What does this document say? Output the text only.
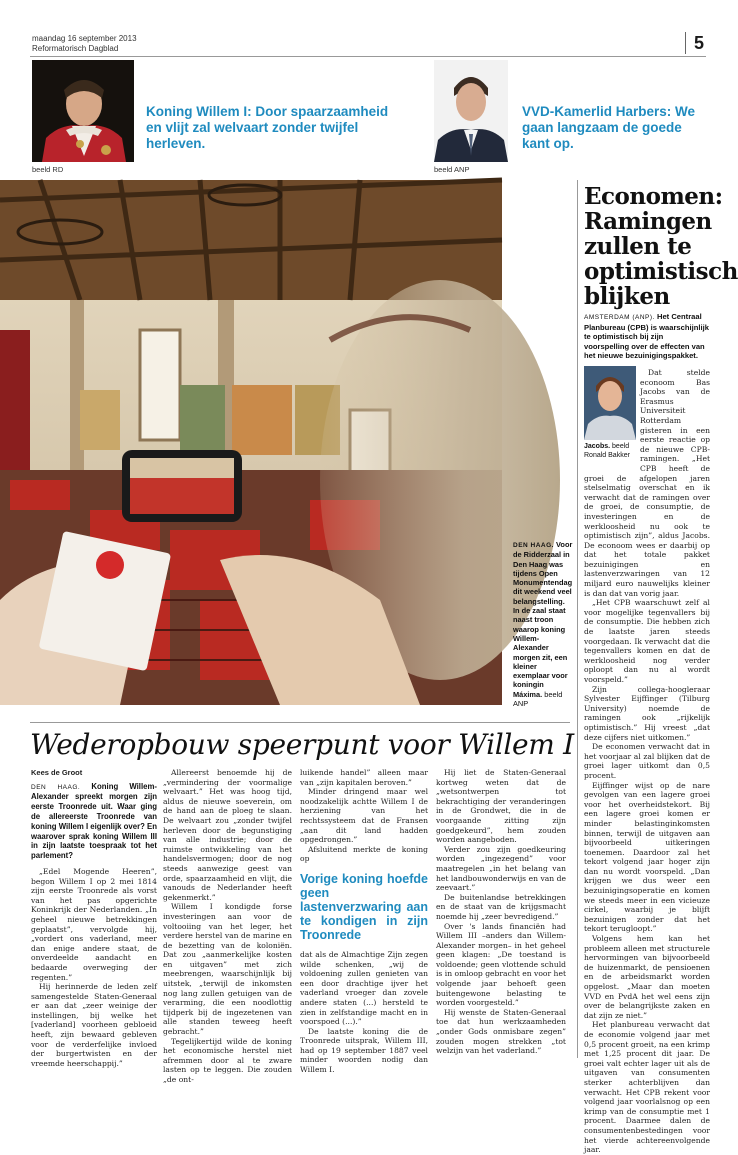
maandag 16 september 2013
Reformatorisch Dagblad	5
beeld RD
Koning Willem I: Door spaarzaamheid en vlijt zal welvaart zonder twijfel herleven.
beeld ANP
VVD-Kamerlid Harbers: We gaan langzaam de goede kant op.
DEN HAAG. Voor de Ridderzaal in Den Haag was tijdens Open Monumentendag dit weekend veel belangstelling. In de zaal staat naast troon waarop koning Willem-Alexander morgen zit, een kleiner exemplaar voor koningin Máxima. beeld ANP
Economen: Ramingen zullen te optimistisch blijken
AMSTERDAM (ANP). Het Centraal Planbureau (CPB) is waarschijnlijk te optimistisch bij zijn voorspelling over de effecten van het nieuwe bezuinigingspakket.
Jacobs. beeld Ronald Bakker

Dat stelde econoom Bas Jacobs van de Erasmus Universiteit Rotterdam gisteren in een eerste reactie op de nieuwe CPB-ramingen. „Het CPB heeft de groei de afgelopen jaren stelselmatig overschat en ik verwacht dat de ramingen over de groei, de consumptie, de investeringen en de werkloosheid nu ook te optimistisch zijn”, aldus Jacobs. De econoom wees er daarbij op dat het totale pakket bezuinigingen en lastenverzwaringen van 12 miljard euro nauwelijks kleiner is dan dat van vorig jaar.

„Het CPB waarschuwt zelf al voor mogelijke tegenvallers bij de consumptie. Die hebben zich de laatste jaren steeds voorgedaan. Ik verwacht dat die tegenvallers komen en dat de werkloosheid nog verder oploopt dan nu al wordt voorspeld.”

Zijn collega-hoogleraar Sylvester Eijffinger (Tilburg University) noemde de ramingen ook „rijkelijk optimistisch.” Hij vreest „dat deze cijfers niet uitkomen.”

De economen verwacht dat in het voorjaar al zal blijken dat de groei lager uitkomt dan 0,5 procent.

Eijffinger wijst op de nare gevolgen van een lagere groei voor het overheidstekort. Bij een lagere groei komen er minder belastinginkomsten binnen, terwijl de uitgaven aan bijvoorbeeld uitkeringen toenemen. Daardoor zal het tekort volgend jaar hoger zijn dan nu wordt voorspeld. „Dan krijgen we dus weer een bezuinigingsoperatie en komen we steeds meer in een vicieuze cirkel, waarbij je blijft bezuinigen zonder dat het tekort terugloopt.”

Volgens hem kan het probleem alleen met structurele hervormingen van bijvoorbeeld de huizenmarkt, de pensioenen en de arbeidsmarkt worden opgelost. „Maar dan moeten VVD en PvdA het wel eens zijn over de belangrijkste zaken en dat zijn ze niet.”

Het planbureau verwacht dat de economie volgend jaar met 0,5 procent groeit, na een krimp met 1,25 procent dit jaar. De groei valt echter lager uit als de uitgaven van consumenten sterker achterblijven dan verwacht. Het CPB rekent voor volgend jaar voorlalsnog op een krimp van de consumptie met 1 procent. Daarmee dalen de consumentenbestedingen voor het vierde achtereenvolgende jaar.

Wederopbouw speerpunt voor Willem I
Kees de Groot
DEN HAAG. Koning Willem-Alexander spreekt morgen zijn eerste Troonrede uit. Waar ging de allereerste Troonrede van koning Willem I eigenlijk over? En waarover sprak koning Willem III in zijn laatste toespraak tot het parlement?

„Edel Mogende Heeren”, begon Willem I op 2 mei 1814 zijn eerste Troonrede als vorst van het pas opgerichte Koninkrijk der Nederlanden. „In geheel nieuwe betrekkingen geplaatst”, vervolgde hij, „vordert ons vaderland, meer dan enige andere staat, de onverdeelde aandacht en bedaarde overweging der regenten.”

Hij herinnerde de leden zelf samengestelde Staten-Generaal er aan dat „zeer weinige der instellingen, bij welke het [vaderland] voorheen gebloeid heeft, zijn bewaard gebleven voor de verderfelijke invloed der burgertwisten en der vreemde heerschappij.”

Allereerst benoemde hij de „vermindering der voormalige welvaart.” Het was hoog tijd, aldus de nieuwe soeverein, om de hand aan de ploeg te slaan. De welvaart zou „zonder twijfel herleven door de begunstiging van alle industrie; door de ruimste ontwikkeling van het handelsvermogen; door de nog steeds aanwezige geest van orde, spaarzaamheid en vlijt, die vanouds de Nederlander heeft gekenmerkt.”

Willem I kondigde forse investeringen aan voor de voltooiing van het leger, het verdere herstel van de marine en de bezetting van de koloniën. Dat zou „aanmerkelijke kosten en uitgaven” met zich meebrengen, waarschijnlijk bij uitstek, „terwijl de inkomsten nog lang zullen getuigen van de verarming, die een noodlottig tijdperk bij de ingezetenen van alle standen teweeg heeft gebracht.”

Tegelijkertijd wilde de koning het economische herstel niet afremmen door al te zware lasten op te leggen. Die zouden „de ont-

luikende handel” alleen maar van „zijn kapitalen beroven.”

Minder dringend maar wel noodzakelijk achtte Willem I de herziening van het rechtssysteem dat de Fransen „aan dit land hadden opgedrongen.”

Afsluitend merkte de koning op

Vorige koning hoefde geen lastenverzwaring aan te kondigen in zijn Troonrede

dat als de Almachtige Zijn zegen wilde schenken, „wij de voldoening zullen genieten van een door drachtige ijver het vaderland vroeger dan zovele andere staten (...) hersteld te zien in zelfstandige macht en in voorspoed (...).”

De laatste koning die de Troonrede uitsprak, Willem III, had op 19 september 1887 veel minder woorden nodig dan Willem I.

Hij liet de Staten-Generaal kortweg weten dat de „wetsontwerpen tot bekrachtiging der veranderingen in de Grondwet, die in de voorgaande zitting zijn goedgekeurd”, hem zouden worden aangeboden.

Verder zou zijn goedkeuring worden „ingezegend” voor maatregelen „in het belang van het landbouwonderwijs en van de zeevaart.”

De buitenlandse betrekkingen en de staat van de krijgsmacht noemde hij „zeer bevredigend.”

Over 's lands financiën had Willem III –anders dan Willem-Alexander morgen– in het geheel geen klagen: „De toestand is voldoende; geen vlottende schuld is in omloop gebracht en voor het volgende jaar behoeft geen buitengewone belasting te worden voorgesteld.”

Hij wenste de Staten-Generaal toe dat hun werkzaamheden „onder Gods onmisbare zegen” zouden mogen strekken „tot welzijn van het vaderland.”
